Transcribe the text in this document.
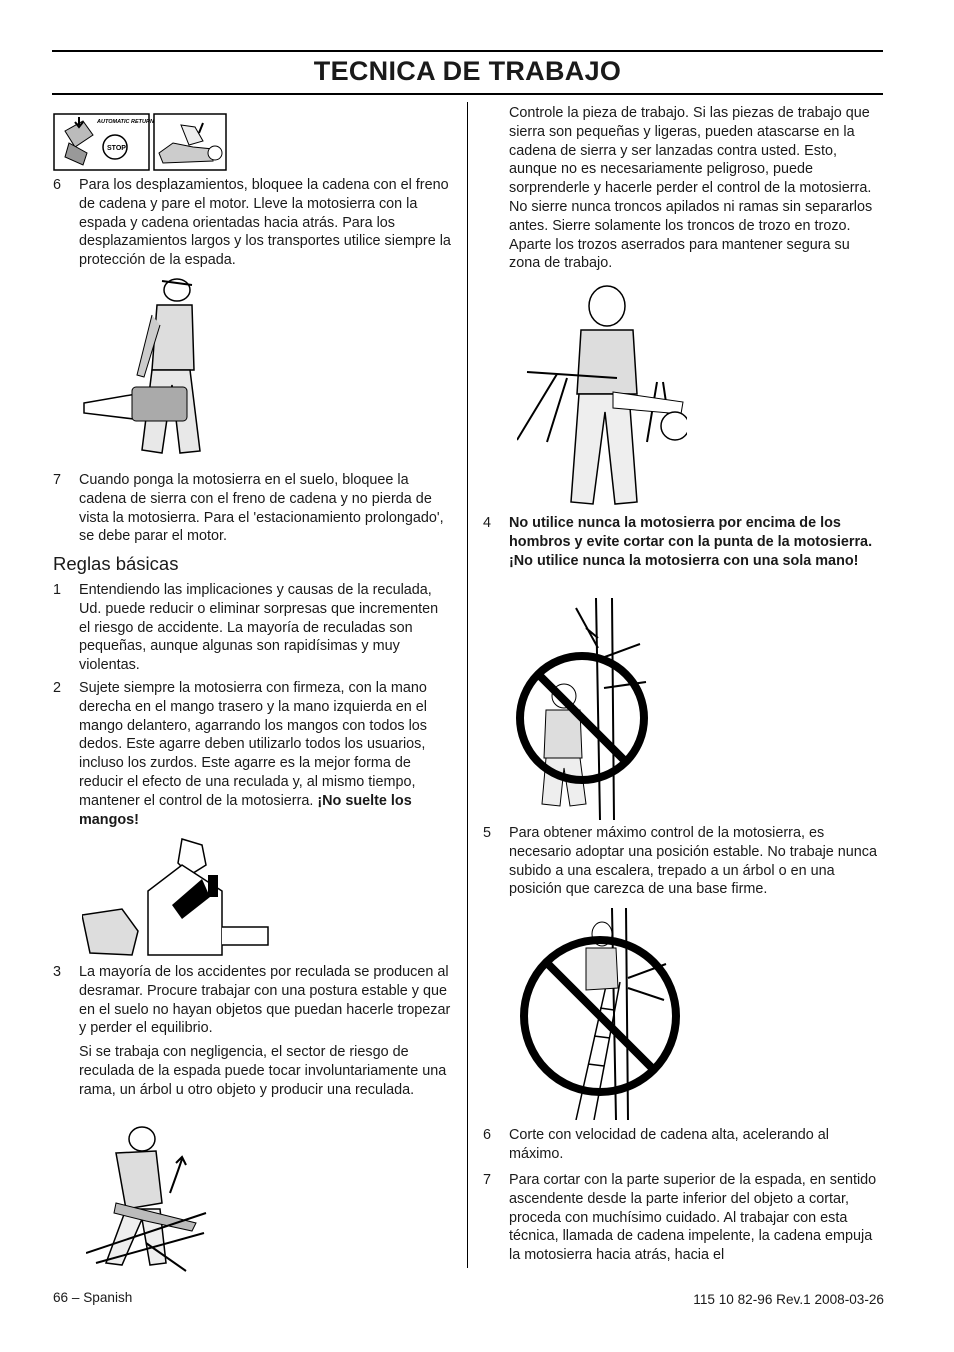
TECNICA DE TRABAJO
AUTOMATIC RETURN
STOP
6 Para los desplazamientos, bloquee la cadena con el freno de cadena y pare el motor. Lleve la motosierra con la espada y cadena orientadas hacia atrás. Para los desplazamientos largos y los transportes utilice siempre la protección de la espada.
7 Cuando ponga la motosierra en el suelo, bloquee la cadena de sierra con el freno de cadena y no pierda de vista la motosierra. Para el 'estacionamiento prolongado', se debe parar el motor.
Reglas básicas
1 Entendiendo las implicaciones y causas de la reculada, Ud. puede reducir o eliminar sorpresas que incrementen el riesgo de accidente. La mayoría de reculadas son pequeñas, aunque algunas son rapidísimas y muy violentas.
2 Sujete siempre la motosierra con firmeza, con la mano derecha en el mango trasero y la mano izquierda en el mango delantero, agarrando los mangos con todos los dedos. Este agarre deben utilizarlo todos los usuarios, incluso los zurdos. Este agarre es la mejor forma de reducir el efecto de una reculada y, al mismo tiempo, mantener el control de la motosierra. ¡No suelte los mangos!
3 La mayoría de los accidentes por reculada se producen al desramar. Procure trabajar con una postura estable y que en el suelo no hayan objetos que puedan hacerle tropezar y perder el equilibrio.
Si se trabaja con negligencia, el sector de riesgo de reculada de la espada puede tocar involuntariamente una rama, un árbol u otro objeto y producir una reculada.
Controle la pieza de trabajo. Si las piezas de trabajo que sierra son pequeñas y ligeras, pueden atascarse en la cadena de sierra y ser lanzadas contra usted. Esto, aunque no es necesariamente peligroso, puede sorprenderle y hacerle perder el control de la motosierra. No sierre nunca troncos apilados ni ramas sin separarlos antes. Sierre solamente los troncos de trozo en trozo. Aparte los trozos aserrados para mantener segura su zona de trabajo.
4 No utilice nunca la motosierra por encima de los hombros y evite cortar con la punta de la motosierra. ¡No utilice nunca la motosierra con una sola mano!
5 Para obtener máximo control de la motosierra, es necesario adoptar una posición estable. No trabaje nunca subido a una escalera, trepado a un árbol o en una posición que carezca de una base firme.
6 Corte con velocidad de cadena alta, acelerando al máximo.
7 Para cortar con la parte superior de la espada, en sentido ascendente desde la parte inferior del objeto a cortar, proceda con muchísimo cuidado. Al trabajar con esta técnica, llamada de cadena impelente, la cadena empuja la motosierra hacia atrás, hacia el
66 – Spanish	115 10 82-96 Rev.1 2008-03-26
